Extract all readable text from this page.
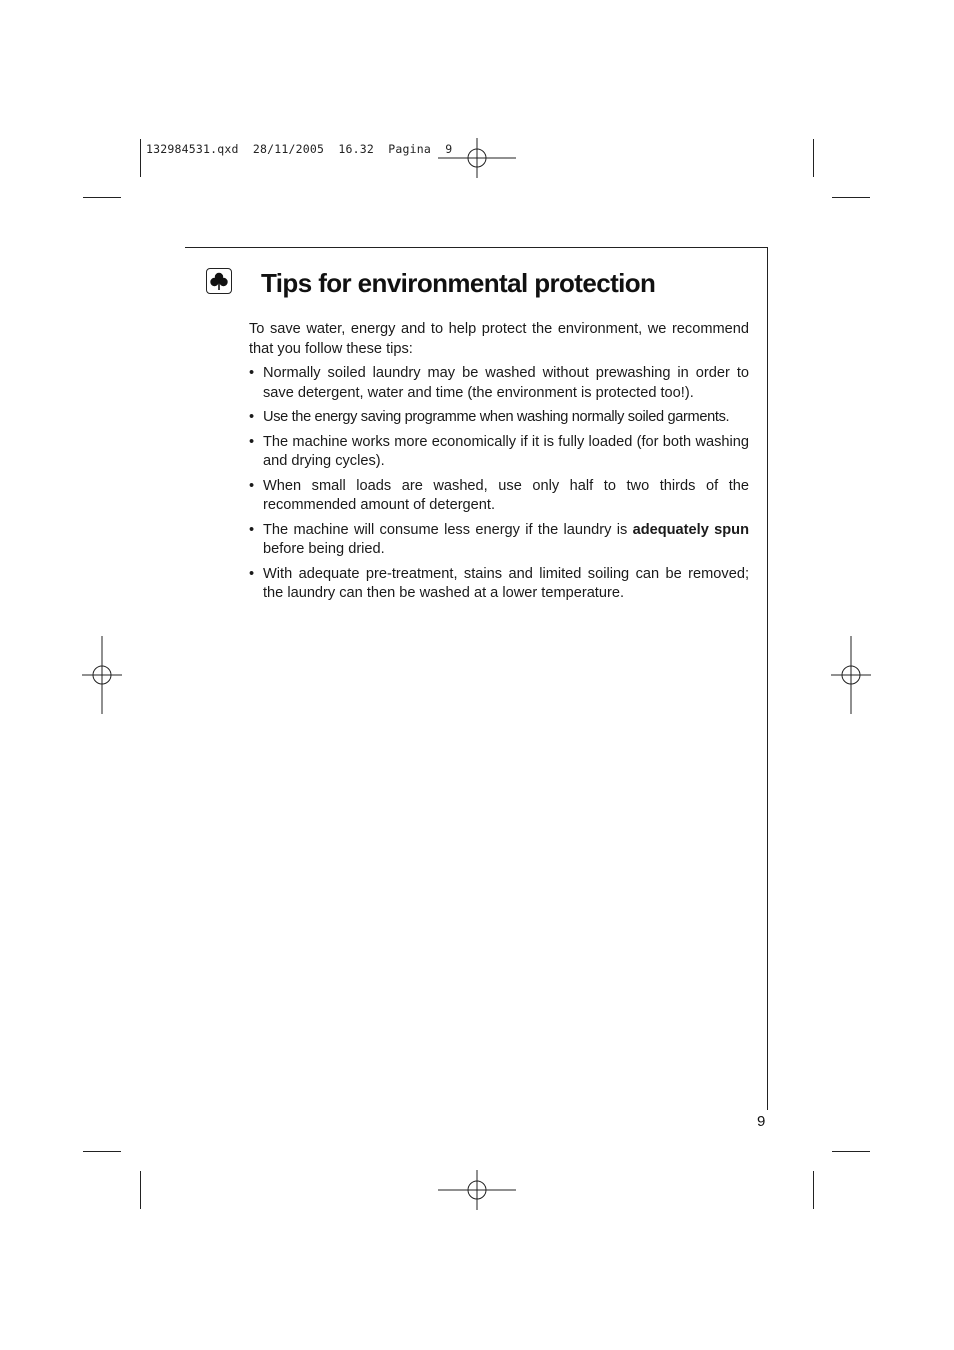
132984531.qxd  28/11/2005  16.32  Pagina  9
Tips for environmental protection

To save water, energy and to help protect the environment, we recommend that you follow these tips:

• Normally soiled laundry may be washed without prewashing in order to save detergent, water and time (the environment is protected too!).
• Use the energy saving programme when washing normally soiled garments.
• The machine works more economically if it is fully loaded (for both washing and drying cycles).
• When small loads are washed, use only half to two thirds of the recommended amount of detergent.
• The machine will consume less energy if the laundry is adequately spun before being dried.
• With adequate pre-treatment, stains and limited soiling can be removed; the laundry can then be washed at a lower temperature.
9
